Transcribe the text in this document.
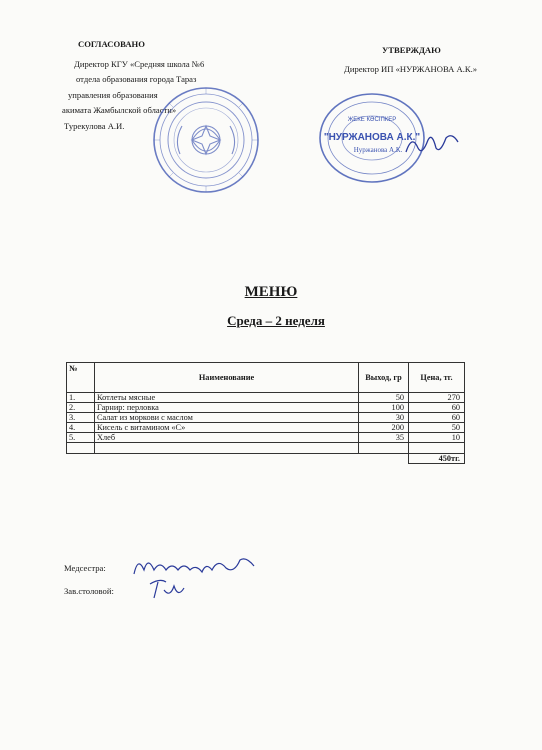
СОГЛАСОВАНО
Директор КГУ «Средняя школа №6
отдела образования города Тараз
управления образования
акимата Жамбылской области»
Турекулова А.И.
УТВЕРЖДАЮ
Директор ИП «НУРЖАНОВА А.К.»
ЖЕКЕ КӘСІПКЕР
"НУРЖАНОВА А.К."
Нуржанова А.К.
МЕНЮ
Среда – 2 неделя
№	Наименование	Выход, гр	Цена, тг.
1.	Котлеты мясные	50	270
2.	Гарнир: перловка	100	60
3.	Салат из моркови с маслом	30	60
4.	Кисель с витамином «С»	200	50
5.	Хлеб	35	10

			450тг.
Медсестра:
Зав.столовой:
